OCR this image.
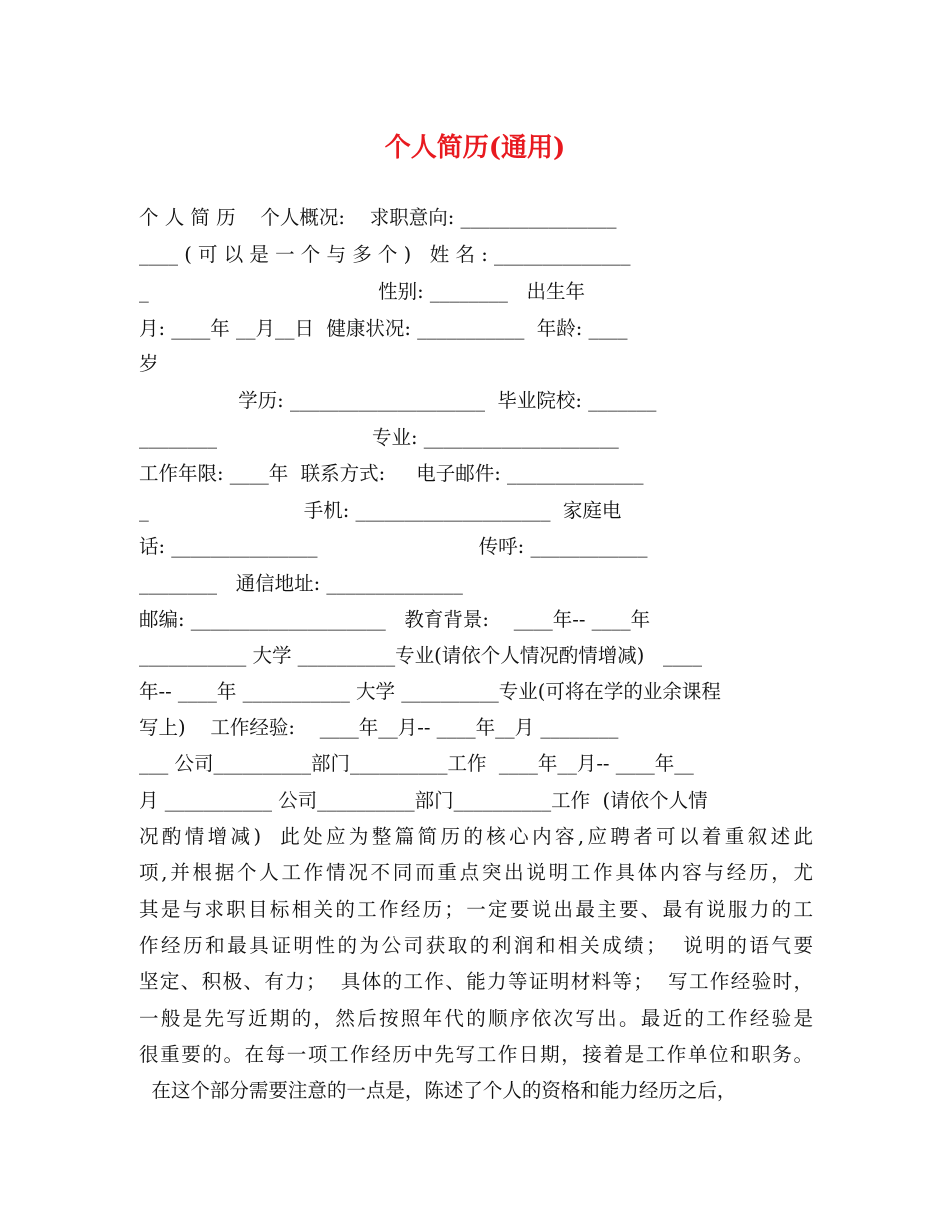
个人简历(通用)
个 人 简 历    个人概况:    求职意向: ________________
____ ( 可 以 是 一 个 与 多 个 )   姓 名 : ______________
_                                     性别: ________   出生年
月: ____年 __月__日  健康状况: ___________  年龄: ____
岁
学历: ____________________  毕业院校: _______
________                         专业: ____________________
工作年限: ____年  联系方式:     电子邮件: ______________
_                         手机: ____________________  家庭电
话: _______________                          传呼: ____________
________   通信地址: ______________
邮编: ____________________   教育背景:    ____年-- ____年
___________ 大学 __________专业(请依个人情况酌情增减)   ____
年-- ____年 ___________ 大学 __________专业(可将在学的业余课程
写上)    工作经验:    ____年__月-- ____年__月 ________
___ 公司__________部门__________工作  ____年__月-- ____年__
月 ___________ 公司__________部门__________工作  (请依个人情
况酌情增减)  此处应为整篇简历的核心内容,应聘者可以着重叙述此
项,并根据个人工作情况不同而重点突出说明工作具体内容与经历，尤
其是与求职目标相关的工作经历；一定要说出最主要、最有说服力的工
作经历和最具证明性的为公司获取的利润和相关成绩；  说明的语气要
坚定、积极、有力；  具体的工作、能力等证明材料等；  写工作经验时，
一般是先写近期的，然后按照年代的顺序依次写出。最近的工作经验是
很重要的。在每一项工作经历中先写工作日期，接着是工作单位和职务。
在这个部分需要注意的一点是，陈述了个人的资格和能力经历之后，
